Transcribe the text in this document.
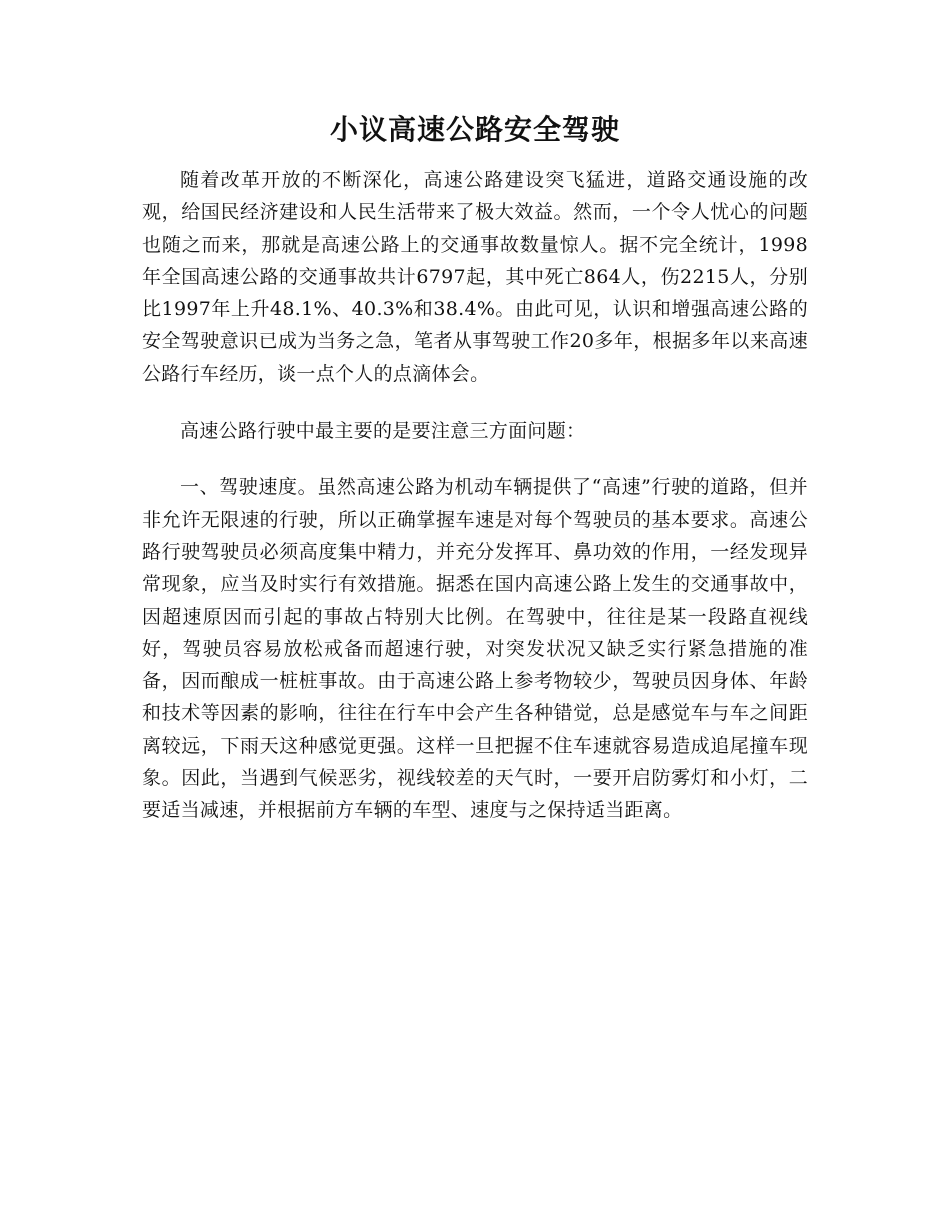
小议高速公路安全驾驶

随着改革开放的不断深化，高速公路建设突飞猛进，道路交通设施的改观，给国民经济建设和人民生活带来了极大效益。然而，一个令人忧心的问题也随之而来，那就是高速公路上的交通事故数量惊人。据不完全统计，1998年全国高速公路的交通事故共计6797起，其中死亡864人，伤2215人，分别比1997年上升48.1%、40.3%和38.4%。由此可见，认识和增强高速公路的安全驾驶意识已成为当务之急，笔者从事驾驶工作20多年，根据多年以来高速公路行车经历，谈一点个人的点滴体会。

高速公路行驶中最主要的是要注意三方面问题：

一、驾驶速度。虽然高速公路为机动车辆提供了“高速”行驶的道路，但并非允许无限速的行驶，所以正确掌握车速是对每个驾驶员的基本要求。高速公路行驶驾驶员必须高度集中精力，并充分发挥耳、鼻功效的作用，一经发现异常现象，应当及时实行有效措施。据悉在国内高速公路上发生的交通事故中，因超速原因而引起的事故占特别大比例。在驾驶中，往往是某一段路直视线好，驾驶员容易放松戒备而超速行驶，对突发状况又缺乏实行紧急措施的准备，因而酿成一桩桩事故。由于高速公路上参考物较少，驾驶员因身体、年龄和技术等因素的影响，往往在行车中会产生各种错觉，总是感觉车与车之间距离较远，下雨天这种感觉更强。这样一旦把握不住车速就容易造成追尾撞车现象。因此，当遇到气候恶劣，视线较差的天气时，一要开启防雾灯和小灯，二要适当减速，并根据前方车辆的车型、速度与之保持适当距离。
